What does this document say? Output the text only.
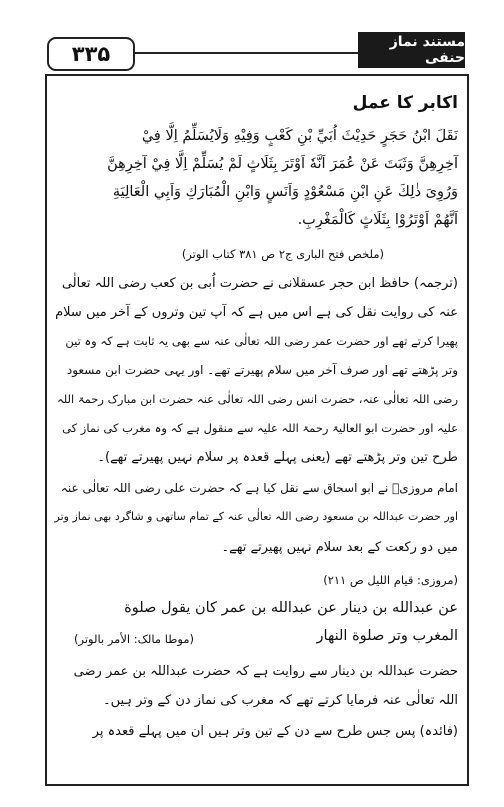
۳۳۵	مستند نماز حنفی
اکابر کا عمل
نَقَلَ ابْنُ حَجَرٍ حَدِيْثَ اُبَيِّ بْنِ كَعْبٍ وَفِيْهِ وَلَايُسَلِّمُ اِلَّا فِيْ
آخِرِهِنَّ وَثَبَتَ عَنْ عُمَرَ اَنَّهٗ اَوْتَرَ بِثَلَاثٍ لَمْ يُسَلِّمْ اِلَّا فِيْ آخِرِهِنَّ
وَرُوِىَ ذٰلِكَ عَنِ ابْنِ مَسْعُوْدٍ وَاَنَسٍ وَابْنِ الْمُبَارَكِ وَاَبِي الْعَالِيَةِ
اَنَّهُمْ اَوْتَرُوْا بِثَلَاثٍ كَالْمَغْرِبِ.
(ملخص فتح الباری ج۲ ص ۳۸۱ کتاب الوتر)
(ترجمہ) حافظ ابن حجر عسقلانی نے حضرت اُبی بن کعب رضی اللہ تعالٰی
عنہ کی روایت نقل کی ہے اس میں ہے کہ آپ تین وتروں کے آخر میں سلام
پھیرا کرتے تھے اور حضرت عمر رضی اللہ تعالٰی عنہ سے بھی یہ ثابت ہے کہ وہ تین
وتر پڑھتے تھے اور صرف آخر میں سلام پھیرتے تھے۔ اور یہی حضرت ابن مسعود
رضی اللہ تعالٰی عنہ، حضرت انس رضی اللہ تعالٰی عنہ حضرت ابن مبارک رحمۃ اللہ
علیہ اور حضرت ابو العالیۃ رحمۃ اللہ علیہ سے منقول ہے کہ وہ مغرب کی نماز کی
طرح تین وتر پڑھتے تھے (یعنی پہلے قعدہ پر سلام نہیں پھیرتے تھے)۔
امام مروزیؒ نے ابو اسحاق سے نقل کیا ہے کہ حضرت علی رضی اللہ تعالٰی عنہ
اور حضرت عبداللہ بن مسعود رضی اللہ تعالٰی عنہ کے تمام ساتھی و شاگرد بھی نماز وتر
میں دو رکعت کے بعد سلام نہیں پھیرتے تھے۔
(مروزی: قیام اللیل ص ۲۱۱)
عن عبدالله بن دينار عن عبدالله بن عمر كان يقول صلوة
المغرب وتر صلوة النهار
(موطا مالک: الأمر بالوتر)
حضرت عبداللہ بن دینار سے روایت ہے کہ حضرت عبداللہ بن عمر رضی
اللہ تعالٰی عنہ فرمایا کرتے تھے کہ مغرب کی نماز دن کے وتر ہیں۔
(فائدہ) پس جس طرح سے دن کے تین وتر ہیں ان میں پہلے قعدہ پر
